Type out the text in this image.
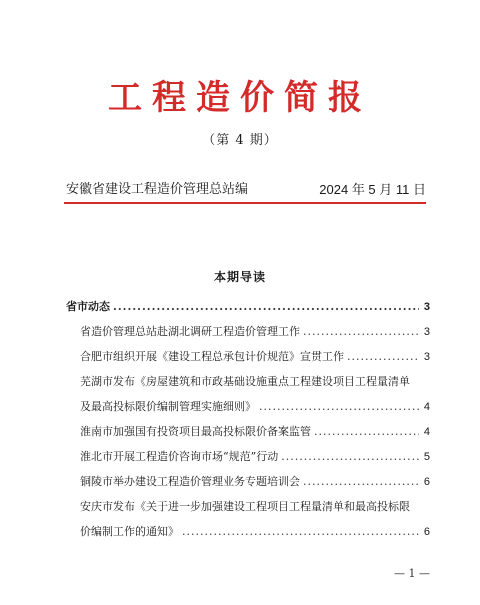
工程造价简报
（第 4 期）
安徽省建设工程造价管理总站编	2024 年 5 月 11 日
本期导读
省市动态 .....	3
省造价管理总站赴湖北调研工程造价管理工作 .....	3
合肥市组织开展《建设工程总承包计价规范》宣贯工作 .....	3
芜湖市发布《房屋建筑和市政基础设施重点工程建设项目工程量清单
及最高投标限价编制管理实施细则》 .....	4
淮南市加强国有投资项目最高投标限价备案监管 .....	4
淮北市开展工程造价咨询市场“规范”行动 .....	5
铜陵市举办建设工程造价管理业务专题培训会 .....	6
安庆市发布《关于进一步加强建设工程项目工程量清单和最高投标限
价编制工作的通知》 .....	6
— 1 —
